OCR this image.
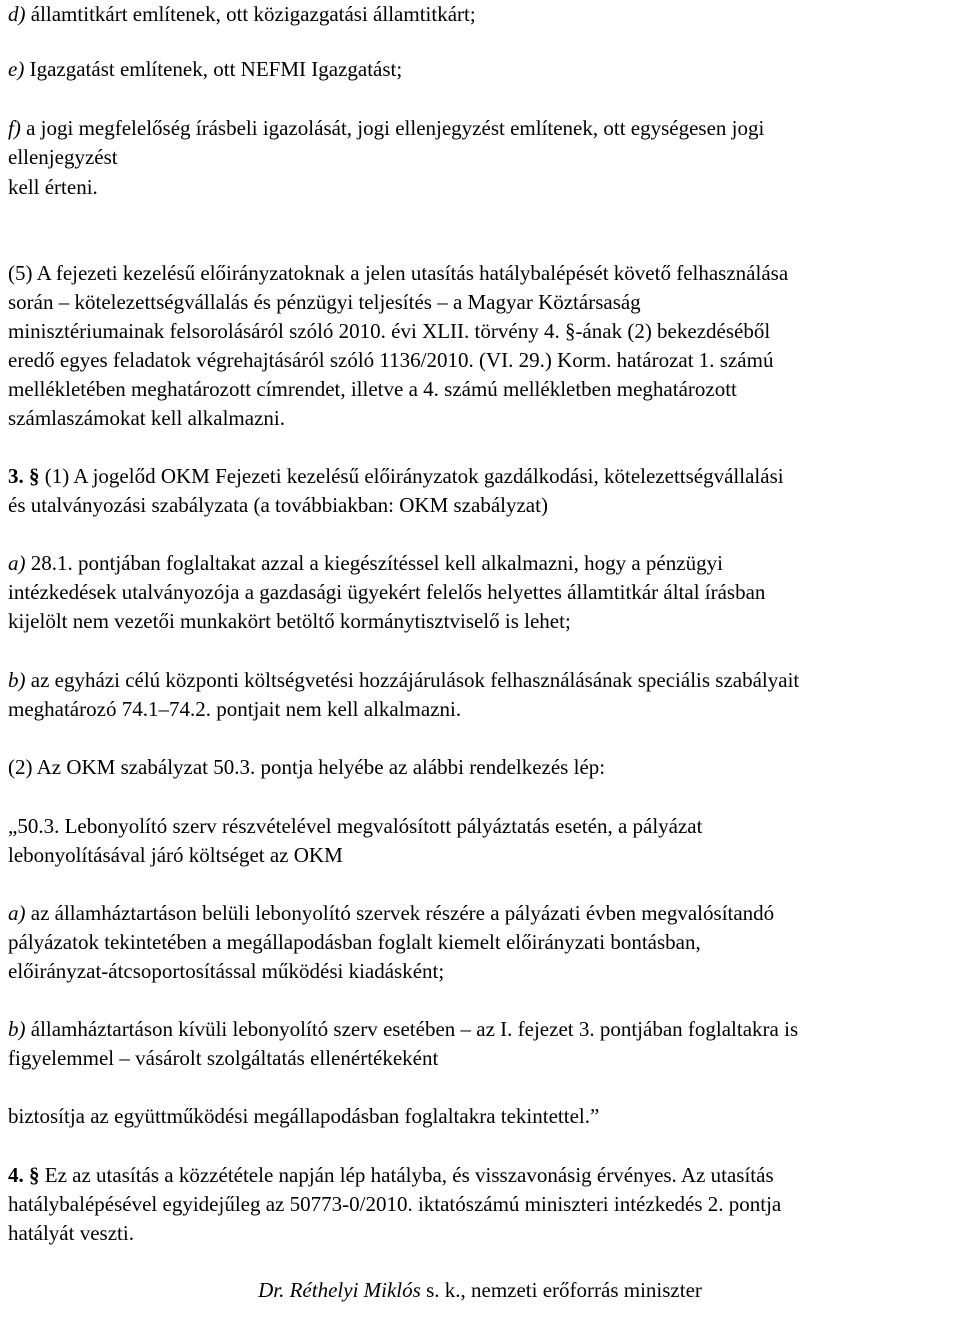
d) államtitkárt említenek, ott közigazgatási államtitkárt;
e) Igazgatást említenek, ott NEFMI Igazgatást;
f) a jogi megfelelőség írásbeli igazolását, jogi ellenjegyzést említenek, ott egységesen jogi
ellenjegyzést
kell érteni.
(5) A fejezeti kezelésű előirányzatoknak a jelen utasítás hatálybalépését követő felhasználása
során – kötelezettségvállalás és pénzügyi teljesítés – a Magyar Köztársaság
minisztériumainak felsorolásáról szóló 2010. évi XLII. törvény 4. §-ának (2) bekezdéséből
eredő egyes feladatok végrehajtásáról szóló 1136/2010. (VI. 29.) Korm. határozat 1. számú
mellékletében meghatározott címrendet, illetve a 4. számú mellékletben meghatározott
számlaszámokat kell alkalmazni.
3. § (1) A jogelőd OKM Fejezeti kezelésű előirányzatok gazdálkodási, kötelezettségvállalási
és utalványozási szabályzata (a továbbiakban: OKM szabályzat)
a) 28.1. pontjában foglaltakat azzal a kiegészítéssel kell alkalmazni, hogy a pénzügyi
intézkedések utalványozója a gazdasági ügyekért felelős helyettes államtitkár által írásban
kijelölt nem vezetői munkakört betöltő kormánytisztviselő is lehet;
b) az egyházi célú központi költségvetési hozzájárulások felhasználásának speciális szabályait
meghatározó 74.1–74.2. pontjait nem kell alkalmazni.
(2) Az OKM szabályzat 50.3. pontja helyébe az alábbi rendelkezés lép:
„50.3. Lebonyolító szerv részvételével megvalósított pályáztatás esetén, a pályázat
lebonyolításával járó költséget az OKM
a) az államháztartáson belüli lebonyolító szervek részére a pályázati évben megvalósítandó
pályázatok tekintetében a megállapodásban foglalt kiemelt előirányzati bontásban,
előirányzat-átcsoportosítással működési kiadásként;
b) államháztartáson kívüli lebonyolító szerv esetében – az I. fejezet 3. pontjában foglaltakra is
figyelemmel – vásárolt szolgáltatás ellenértékeként
biztosítja az együttműködési megállapodásban foglaltakra tekintettel.”
4. § Ez az utasítás a közzététele napján lép hatályba, és visszavonásig érvényes. Az utasítás
hatálybalépésével egyidejűleg az 50773-0/2010. iktatószámú miniszteri intézkedés 2. pontja
hatályát veszti.
Dr. Réthelyi Miklós s. k., nemzeti erőforrás miniszter
